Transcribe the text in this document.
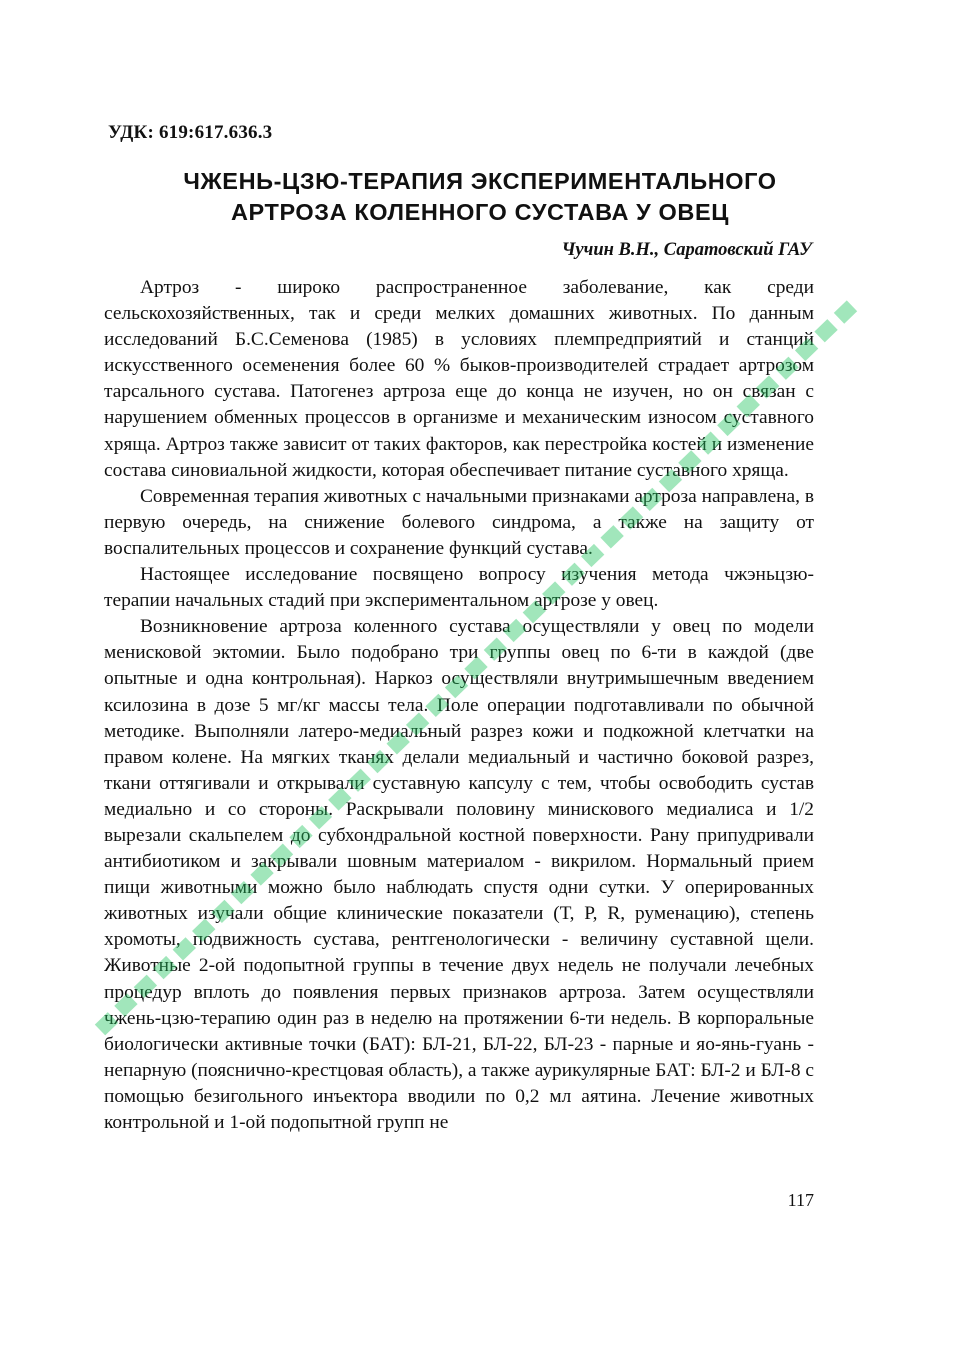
УДК: 619:617.636.3
ЧЖЕНЬ-ЦЗЮ-ТЕРАПИЯ ЭКСПЕРИМЕНТАЛЬНОГО
АРТРОЗА КОЛЕННОГО СУСТАВА У ОВЕЦ
Чучин В.Н., Саратовский ГАУ

Артроз - широко распространенное заболевание, как среди сельскохозяйственных, так и среди мелких домашних животных. По данным исследований Б.С.Семенова (1985) в условиях племпредприятий и станций искусственного осеменения более 60 % быков-производителей страдает артрозом тарсального сустава. Патогенез артроза еще до конца не изучен, но он связан с нарушением обменных процессов в организме и механическим износом суставного хряща. Артроз также зависит от таких факторов, как перестройка костей и изменение состава синовиальной жидкости, которая обеспечивает питание суставного хряща.

Современная терапия животных с начальными признаками артроза направлена, в первую очередь, на снижение болевого синдрома, а также на защиту от воспалительных процессов и сохранение функций сустава.

Настоящее исследование посвящено вопросу изучения метода чжэньцзю-терапии начальных стадий при экспериментальном артрозе у овец.

Возникновение артроза коленного сустава осуществляли у овец по модели менисковой эктомии. Было подобрано три группы овец по 6-ти в каждой (две опытные и одна контрольная). Наркоз осуществляли внутримышечным введением ксилозина в дозе 5 мг/кг массы тела. Поле операции подготавливали по обычной методике. Выполняли латеро-медиальный разрез кожи и подкожной клетчатки на правом колене. На мягких тканях делали медиальный и частично боковой разрез, ткани оттягивали и открывали суставную капсулу с тем, чтобы освободить сустав медиально и со стороны. Раскрывали половину минискового медиалиса и 1/2 вырезали скальпелем до субхондральной костной поверхности. Рану припудривали антибиотиком и закрывали шовным материалом - викрилом. Нормальный прием пищи животными можно было наблюдать спустя одни сутки. У оперированных животных изучали общие клинические показатели (Т, Р, R, руменацию), степень хромоты, подвижность сустава, рентгенологически - величину суставной щели. Животные 2-ой подопытной группы в течение двух недель не получали лечебных процедур вплоть до появления первых признаков артроза. Затем осуществляли чжень-цзю-терапию один раз в неделю на протяжении 6-ти недель. В корпоральные биологически активные точки (БАТ): БЛ-21, БЛ-22, БЛ-23 - парные и яо-янь-гуань - непарную (пояснично-крестцовая область), а также аурикулярные БАТ: БЛ-2 и БЛ-8 с помощью безигольного инъектора вводили по 0,2 мл аятина. Лечение животных контрольной и 1-ой подопытной групп не

117
